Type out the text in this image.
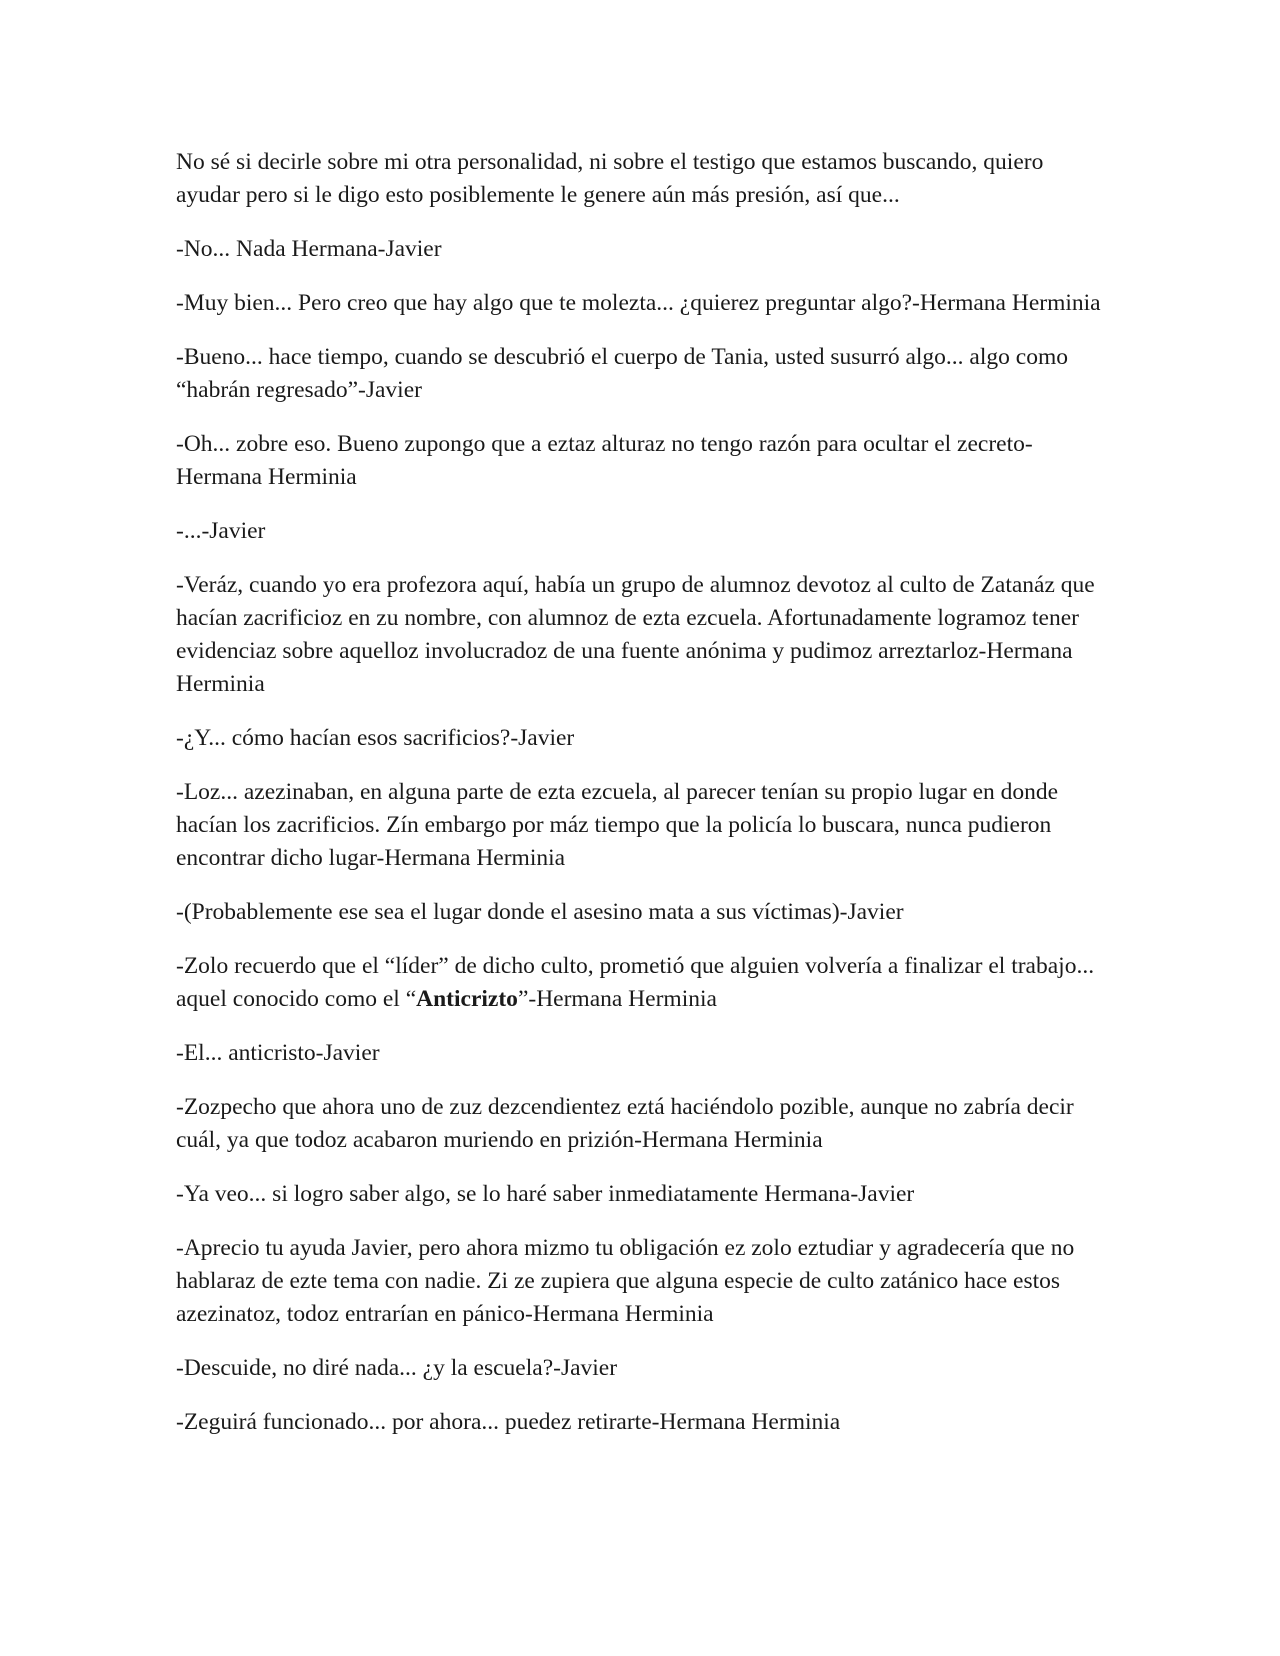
No sé si decirle sobre mi otra personalidad, ni sobre el testigo que estamos buscando, quiero ayudar pero si le digo esto posiblemente le genere aún más presión, así que...

-No... Nada Hermana-Javier

-Muy bien... Pero creo que hay algo que te molezta... ¿quierez preguntar algo?-Hermana Herminia

-Bueno... hace tiempo, cuando se descubrió el cuerpo de Tania, usted susurró algo... algo como “habrán regresado”-Javier

-Oh... zobre eso. Bueno zupongo que a eztaz alturaz no tengo razón para ocultar el zecreto-Hermana Herminia

-...-Javier

-Veráz, cuando yo era profezora aquí, había un grupo de alumnoz devotoz al culto de Zatanáz que hacían zacrificioz en zu nombre, con alumnoz de ezta ezcuela. Afortunadamente logramoz tener evidenciaz sobre aquelloz involucradoz de una fuente anónima y pudimoz arreztarloz-Hermana Herminia

-¿Y... cómo hacían esos sacrificios?-Javier

-Loz... azezinaban, en alguna parte de ezta ezcuela, al parecer tenían su propio lugar en donde hacían los zacrificios. Zín embargo por máz tiempo que la policía lo buscara, nunca pudieron encontrar dicho lugar-Hermana Herminia

-(Probablemente ese sea el lugar donde el asesino mata a sus víctimas)-Javier

-Zolo recuerdo que el “líder” de dicho culto, prometió que alguien volvería a finalizar el trabajo... aquel conocido como el “Anticrizto”-Hermana Herminia

-El... anticristo-Javier

-Zozpecho que ahora uno de zuz dezcendientez eztá haciéndolo pozible, aunque no zabría decir cuál, ya que todoz acabaron muriendo en prizión-Hermana Herminia

-Ya veo... si logro saber algo, se lo haré saber inmediatamente Hermana-Javier

-Aprecio tu ayuda Javier, pero ahora mizmo tu obligación ez zolo eztudiar y agradecería que no hablaraz de ezte tema con nadie. Zi ze zupiera que alguna especie de culto zatánico hace estos azezinatoz, todoz entrarían en pánico-Hermana Herminia

-Descuide, no diré nada... ¿y la escuela?-Javier

-Zeguirá funcionado... por ahora... puedez retirarte-Hermana Herminia
